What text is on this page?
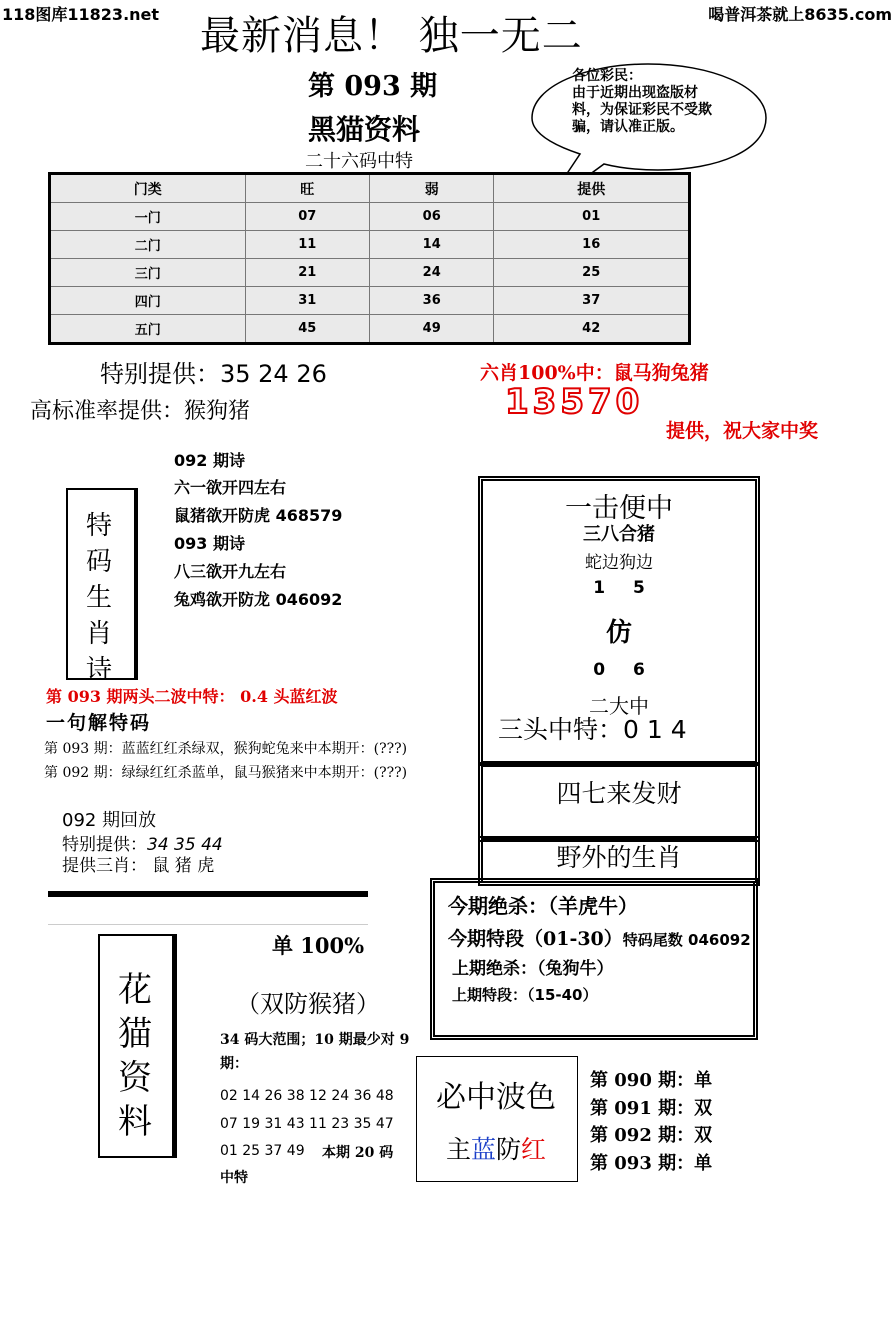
118图库11823.net	喝普洱茶就上8635.com
最新消息！ 独一无二
第 093 期
黑猫资料
二十六码中特
各位彩民：
由于近期出现盗版材料，为保证彩民不受欺骗，请认准正版。
门类	旺	弱	提供
一门	07	06	01
二门	11	14	16
三门	21	24	25
四门	31	36	37
五门	45	49	42
特别提供：35 24 26
高标准率提供：猴狗猪
六肖100%中：鼠马狗兔猪
13570
提供，祝大家中奖
特码生肖诗
092 期诗
六一欲开四左右
鼠猪欲开防虎 468579
093 期诗
八三欲开九左右
兔鸡欲开防龙 046092
第 093 期两头二波中特： 0.4 头蓝红波
一句解特码
第 093 期：蓝蓝红红杀绿双，猴狗蛇兔来中本期开：(???)
第 092 期：绿绿红红杀蓝单，鼠马猴猪来中本期开：(???)
092 期回放
特别提供：34 35 44
提供三肖： 鼠 猪 虎
一击便中
三八合猪
蛇边狗边
1 5
仿
0 6
二大中
三头中特：0 1 4
四七来发财
野外的生肖
今期绝杀：（羊虎牛）
今期特段（01-30）特码尾数 046092
上期绝杀：（兔狗牛）
上期特段：（15-40）
花猫资料
单 100%
（双防猴猪）
34 码大范围；10 期最少对 9 期：
02 14 26 38 12 24 36 48
07 19 31 43 11 23 35 47
01 25 37 49 本期 20 码
中特
必中波色
主蓝防红
第 090 期：单
第 091 期：双
第 092 期：双
第 093 期：单
